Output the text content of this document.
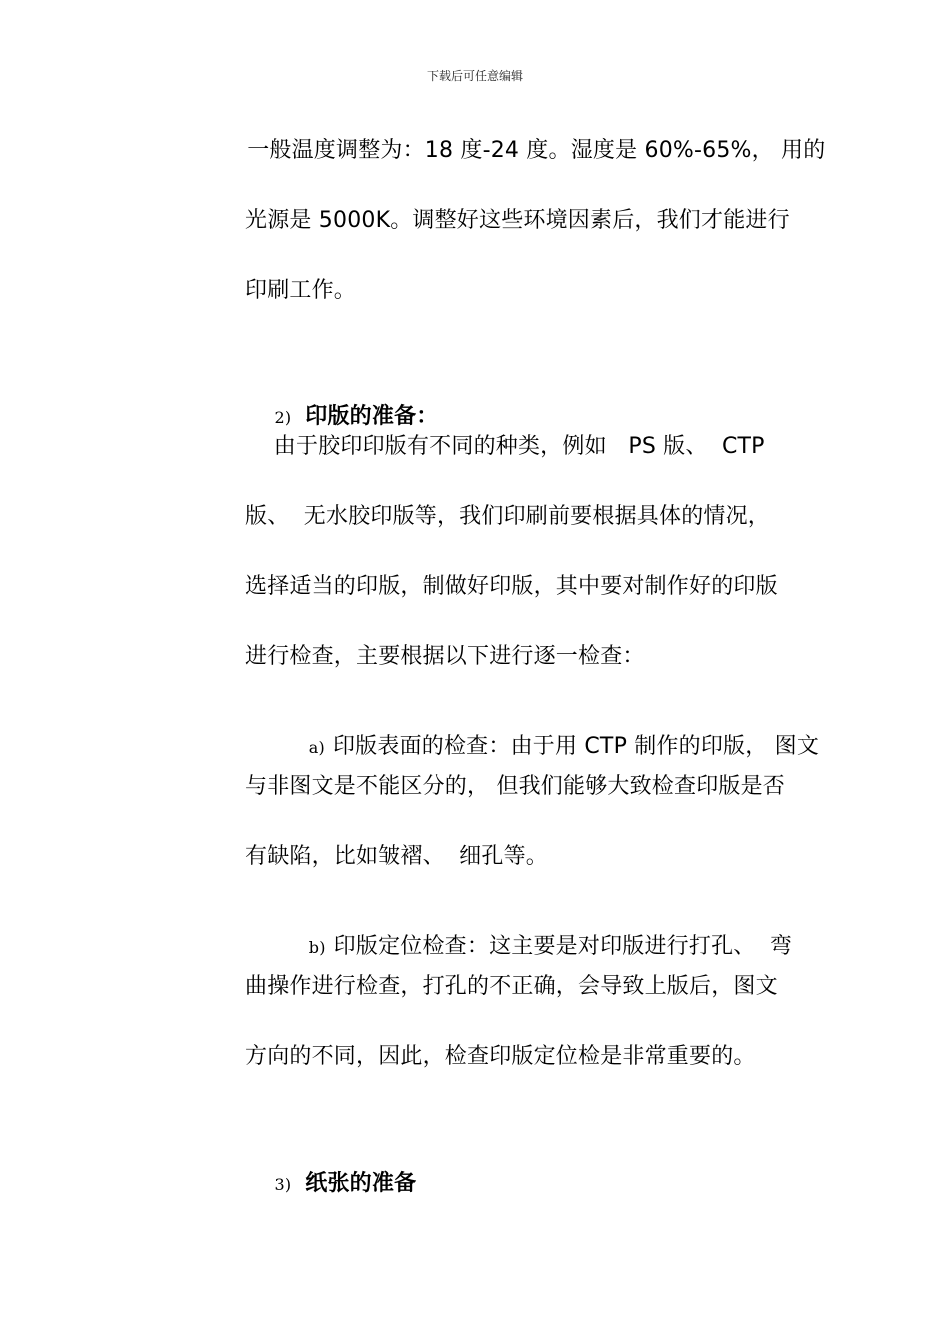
下载后可任意编辑
一般温度调整为：18 度-24 度。湿度是 60%-65%， 用的
光源是 5000K。调整好这些环境因素后，我们才能进行
印刷工作。

2) 印版的准备：

由于胶印印版有不同的种类，例如   PS 版、  CTP
版、  无水胶印版等，我们印刷前要根据具体的情况，
选择适当的印版，制做好印版，其中要对制作好的印版
进行检查，主要根据以下进行逐一检查：

a) 印版表面的检查：由于用 CTP 制作的印版， 图文

与非图文是不能区分的， 但我们能够大致检查印版是否
有缺陷，比如皱褶、  细孔等。

b) 印版定位检查：这主要是对印版进行打孔、  弯

曲操作进行检查，打孔的不正确，会导致上版后，图文
方向的不同，因此，检查印版定位检是非常重要的。

3) 纸张的准备
